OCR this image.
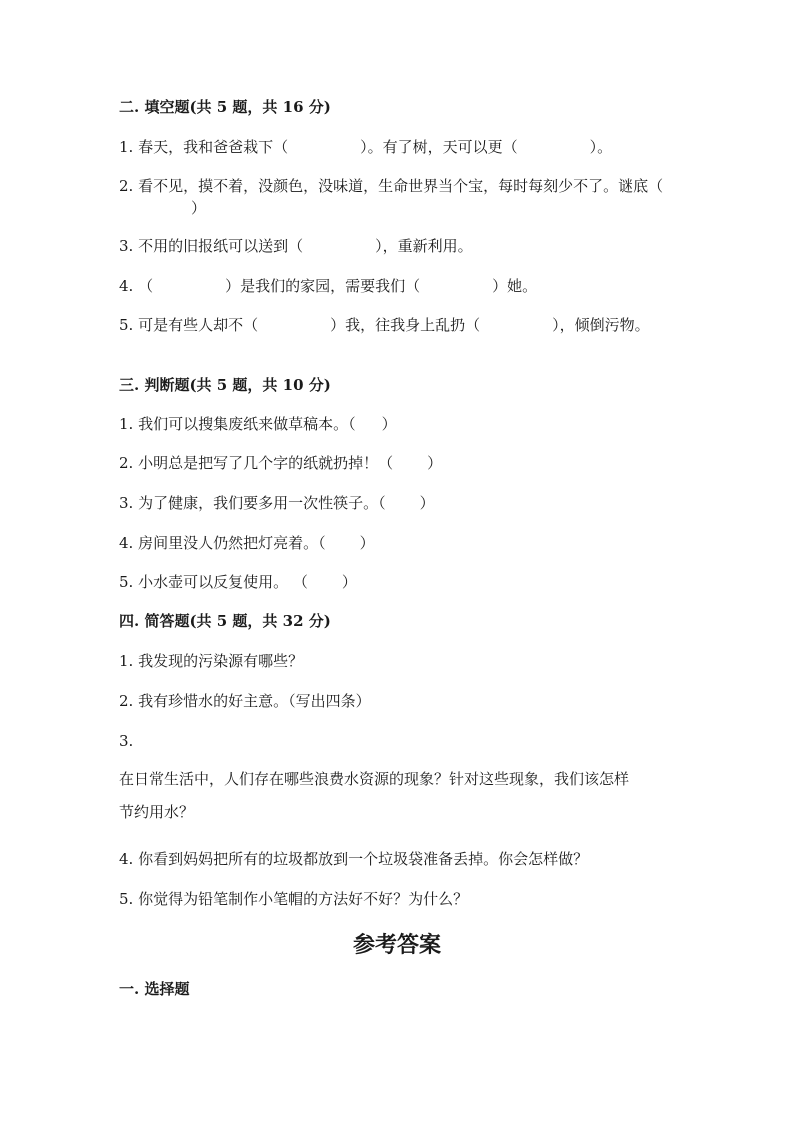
二. 填空题(共 5 题，共 16 分)
1. 春天，我和爸爸栽下（	）。有了树，天可以更（	）。
2. 看不见，摸不着，没颜色，没味道，生命世界当个宝，每时每刻少不了。谜底（）
3. 不用的旧报纸可以送到（	），重新利用。
4. （	）是我们的家园，需要我们（	）她。
5. 可是有些人却不（	）我，往我身上乱扔（	），倾倒污物。
三. 判断题(共 5 题，共 10 分)
1. 我们可以搜集废纸来做草稿本。（ ）
2. 小明总是把写了几个字的纸就扔掉！（ ）
3. 为了健康，我们要多用一次性筷子。（ ）
4. 房间里没人仍然把灯亮着。（ ）
5. 小水壶可以反复使用。 （ ）
四. 简答题(共 5 题，共 32 分)
1. 我发现的污染源有哪些？
2. 我有珍惜水的好主意。（写出四条）
3.
在日常生活中，人们存在哪些浪费水资源的现象？针对这些现象，我们该怎样
节约用水？
4. 你看到妈妈把所有的垃圾都放到一个垃圾袋准备丢掉。你会怎样做？
5. 你觉得为铅笔制作小笔帽的方法好不好？为什么？
参考答案
一. 选择题
